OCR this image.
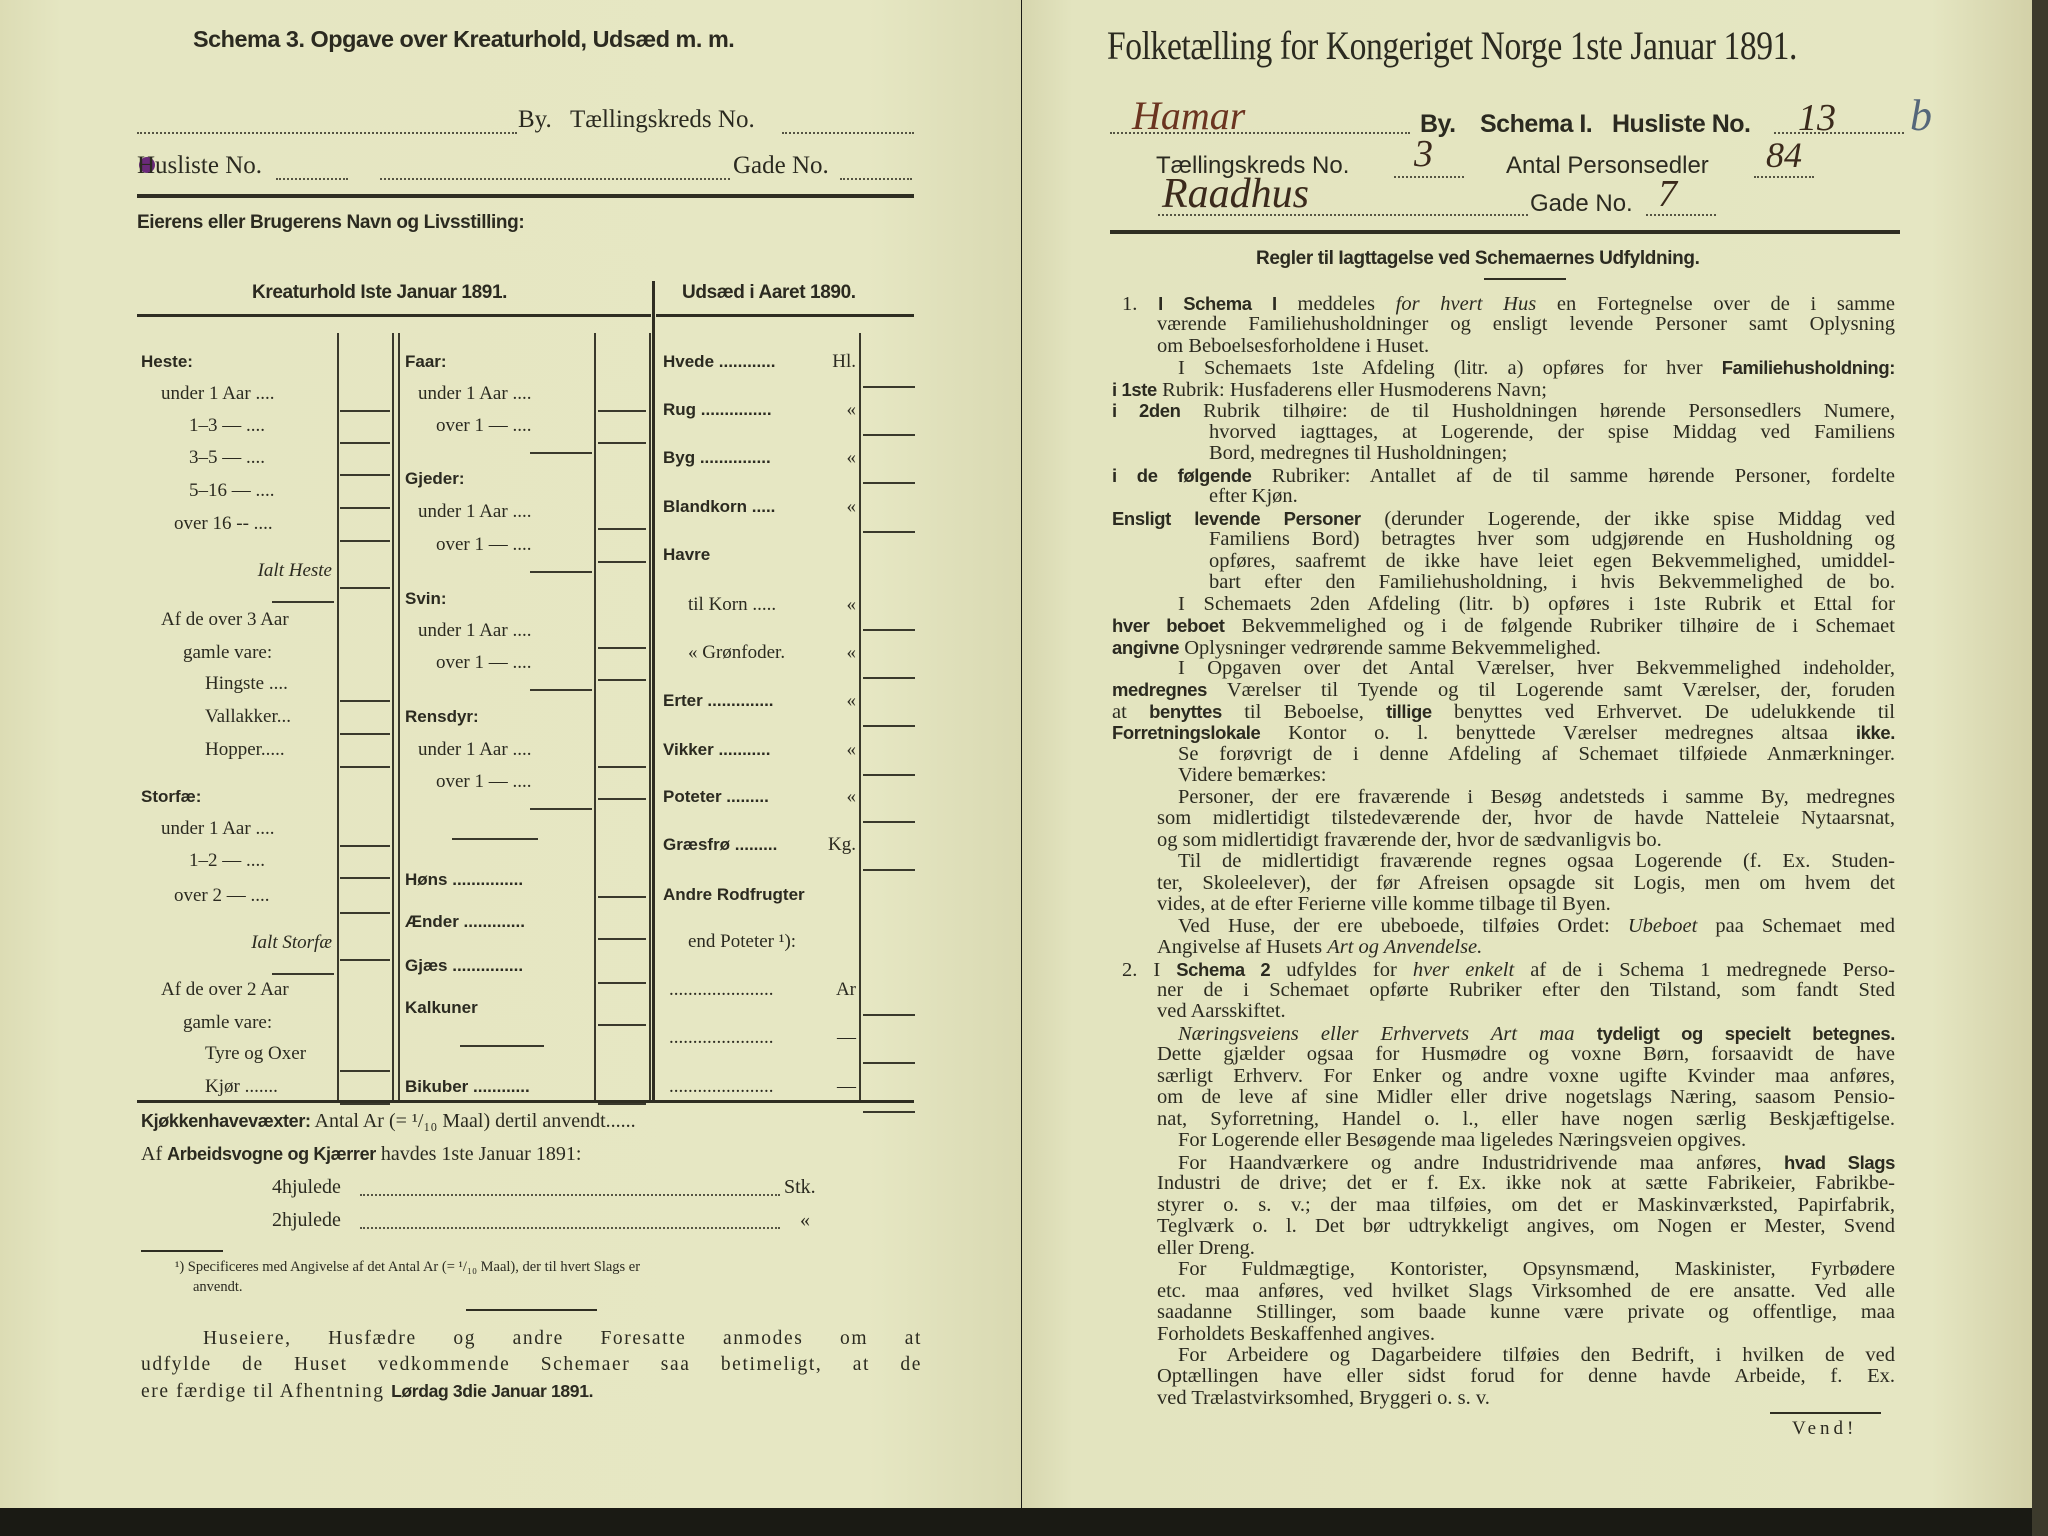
Schema 3. Opgave over Kreaturhold, Udsæd m. m.
By. Tællingskreds No.
Husliste No.	Gade No.
Eierens eller Brugerens Navn og Livsstilling:
Kreaturhold Iste Januar 1891.	Udsæd i Aaret 1890.
Heste:
under 1 Aar ....
1–3 — ....
3–5 — ....
5–16 — ....
over 16 -- ....
Ialt Heste
Af de over 3 Aar
gamle vare:
Hingste ....
Vallakker...
Hopper.....
Storfæ:
under 1 Aar ....
1–2 — ....
over 2 — ....
Ialt Storfæ
Af de over 2 Aar
gamle vare:
Tyre og Oxer
Kjør .......
Faar:
under 1 Aar ....
over 1 — ....
Gjeder:
under 1 Aar ....
over 1 — ....
Svin:
under 1 Aar ....
over 1 — ....
Rensdyr:
under 1 Aar ....
over 1 — ....
Høns ...............
Ænder .............
Gjæs ...............
Kalkuner
Bikuber ............
Hvede ............	Hl.
Rug ...............	«
Byg ...............	«
Blandkorn .....	«
Havre
til Korn .....	«
« Grønfoder.	«
Erter ..............	«
Vikker ...........	«
Poteter .........	«
Græsfrø .........	Kg.
Andre Rodfrugter
end Poteter ¹):
......................	Ar
......................	—
......................	—
Kjøkkenhavevæxter: Antal Ar (= ¹/₁₀ Maal) dertil anvendt......
Af Arbeidsvogne og Kjærrer havdes 1ste Januar 1891:
4hjulede	Stk.
2hjulede	«
¹) Specificeres med Angivelse af det Antal Ar (= ¹/₁₀ Maal), der til hvert Slags er
anvendt.
Huseiere, Husfædre og andre Foresatte anmodes om at
udfylde de Huset vedkommende Schemaer saa betimeligt, at de
ere færdige til Afhentning Lørdag 3die Januar 1891.
Folketælling for Kongeriget Norge 1ste Januar 1891.
Hamar	By. Schema I. Husliste No. 13 b
Tællingskreds No. 3	Antal Personsedler 84
Raadhus	Gade No. 7
Regler til Iagttagelse ved Schemaernes Udfyldning.
1. I Schema I meddeles for hvert Hus en Fortegnelse over de i samme
værende Familiehusholdninger og ensligt levende Personer samt Oplysning
om Beboelsesforholdene i Huset.
I Schemaets 1ste Afdeling (litr. a) opføres for hver Familiehusholdning:
i 1ste Rubrik: Husfaderens eller Husmoderens Navn;
i 2den Rubrik tilhøire: de til Husholdningen hørende Personsedlers Numere,
hvorved iagttages, at Logerende, der spise Middag ved Familiens
Bord, medregnes til Husholdningen;
i de følgende Rubriker: Antallet af de til samme hørende Personer, fordelte
efter Kjøn.
Ensligt levende Personer (derunder Logerende, der ikke spise Middag ved
Familiens Bord) betragtes hver som udgjørende en Husholdning og
opføres, saafremt de ikke have leiet egen Bekvemmelighed, umiddel-
bart efter den Familiehusholdning, i hvis Bekvemmelighed de bo.
I Schemaets 2den Afdeling (litr. b) opføres i 1ste Rubrik et Ettal for
hver beboet Bekvemmelighed og i de følgende Rubriker tilhøire de i Schemaet
angivne Oplysninger vedrørende samme Bekvemmelighed.
I Opgaven over det Antal Værelser, hver Bekvemmelighed indeholder,
medregnes Værelser til Tyende og til Logerende samt Værelser, der, foruden
at benyttes til Beboelse, tillige benyttes ved Erhvervet. De udelukkende til
Forretningslokale Kontor o. l. benyttede Værelser medregnes altsaa ikke.
Se forøvrigt de i denne Afdeling af Schemaet tilføiede Anmærkninger.
Videre bemærkes:
Personer, der ere fraværende i Besøg andetsteds i samme By, medregnes
som midlertidigt tilstedeværende der, hvor de havde Natteleie Nytaarsnat,
og som midlertidigt fraværende der, hvor de sædvanligvis bo.
Til de midlertidigt fraværende regnes ogsaa Logerende (f. Ex. Studen-
ter, Skoleelever), der før Afreisen opsagde sit Logis, men om hvem det
vides, at de efter Ferierne ville komme tilbage til Byen.
Ved Huse, der ere ubeboede, tilføies Ordet: Ubeboet paa Schemaet med
Angivelse af Husets Art og Anvendelse.
2. I Schema 2 udfyldes for hver enkelt af de i Schema 1 medregnede Perso-
ner de i Schemaet opførte Rubriker efter den Tilstand, som fandt Sted
ved Aarsskiftet.
Næringsveiens eller Erhvervets Art maa tydeligt og specielt betegnes.
Dette gjælder ogsaa for Husmødre og voxne Børn, forsaavidt de have
særligt Erhverv. For Enker og andre voxne ugifte Kvinder maa anføres,
om de leve af sine Midler eller drive nogetslags Næring, saasom Pensio-
nat, Syforretning, Handel o. l., eller have nogen særlig Beskjæftigelse.
For Logerende eller Besøgende maa ligeledes Næringsveien opgives.
For Haandværkere og andre Industridrivende maa anføres, hvad Slags
Industri de drive; det er f. Ex. ikke nok at sætte Fabrikeier, Fabrikbe-
styrer o. s. v.; der maa tilføies, om det er Maskinværksted, Papirfabrik,
Teglværk o. l. Det bør udtrykkeligt angives, om Nogen er Mester, Svend
eller Dreng.
For Fuldmægtige, Kontorister, Opsynsmænd, Maskinister, Fyrbødere
etc. maa anføres, ved hvilket Slags Virksomhed de ere ansatte. Ved alle
saadanne Stillinger, som baade kunne være private og offentlige, maa
Forholdets Beskaffenhed angives.
For Arbeidere og Dagarbeidere tilføies den Bedrift, i hvilken de ved
Optællingen have eller sidst forud for denne havde Arbeide, f. Ex.
ved Trælastvirksomhed, Bryggeri o. s. v.
Vend!
